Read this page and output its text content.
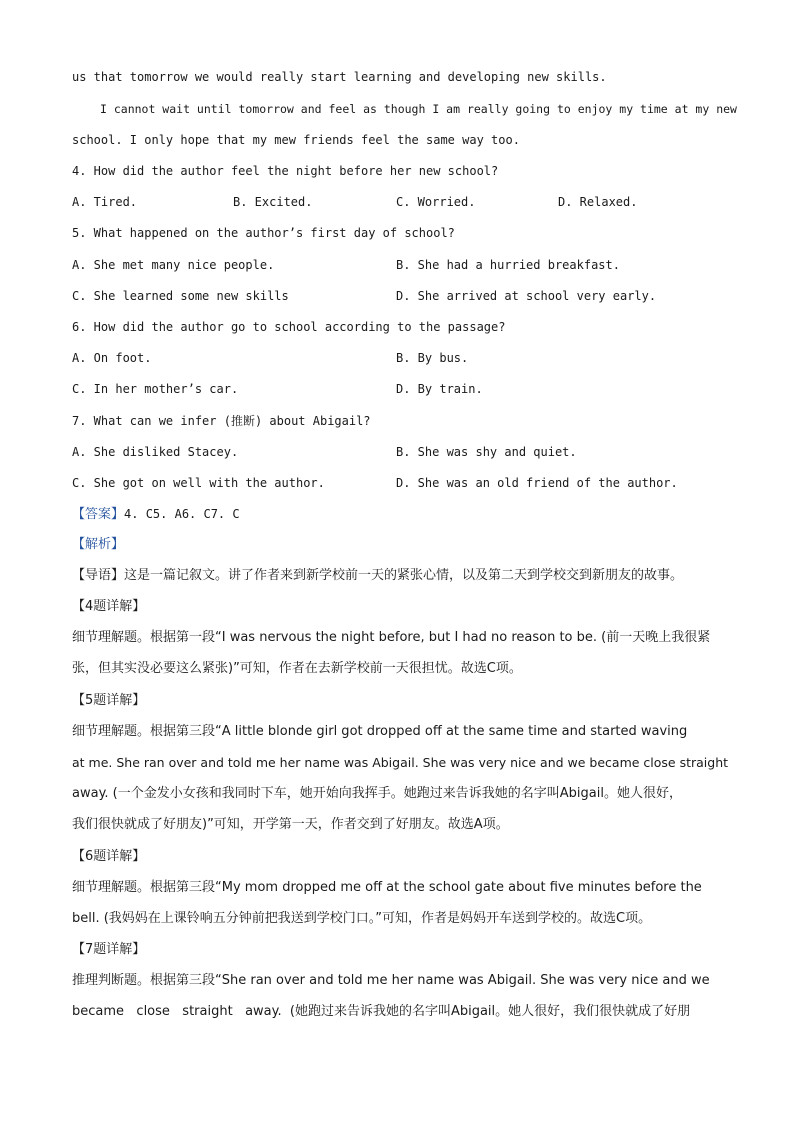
us that tomorrow we would really start learning and developing new skills.
I cannot wait until tomorrow and feel as though I am really going to enjoy my time at my new
school. I only hope that my mew friends feel the same way too.
4. How did the author feel the night before her new school?
A. Tired.	B. Excited.	C. Worried.	D. Relaxed.
5. What happened on the author’s first day of school?
A. She met many nice people.	B. She had a hurried breakfast.
C. She learned some new skills	D. She arrived at school very early.
6. How did the author go to school according to the passage?
A. On foot.	B. By bus.
C. In her mother’s car.	D. By train.
7. What can we infer (推断) about Abigail?
A. She disliked Stacey.	B. She was shy and quiet.
C. She got on well with the author.	D. She was an old friend of the author.
【答案】4. C5. A6. C7. C
【解析】
【导语】这是一篇记叙文。讲了作者来到新学校前一天的紧张心情，以及第二天到学校交到新朋友的故事。
【4题详解】
细节理解题。根据第一段“I was nervous the night before, but I had no reason to be. (前一天晚上我很紧
张，但其实没必要这么紧张)”可知，作者在去新学校前一天很担忧。故选C项。
【5题详解】
细节理解题。根据第三段“A little blonde girl got dropped off at the same time and started waving
at me. She ran over and told me her name was Abigail. She was very nice and we became close straight
away. (一个金发小女孩和我同时下车，她开始向我挥手。她跑过来告诉我她的名字叫Abigail。她人很好，
我们很快就成了好朋友)”可知，开学第一天，作者交到了好朋友。故选A项。
【6题详解】
细节理解题。根据第三段“My mom dropped me off at the school gate about five minutes before the
bell. (我妈妈在上课铃响五分钟前把我送到学校门口。”可知，作者是妈妈开车送到学校的。故选C项。
【7题详解】
推理判断题。根据第三段“She ran over and told me her name was Abigail. She was very nice and we
became   close   straight   away.  (她跑过来告诉我她的名字叫Abigail。她人很好，我们很快就成了好朋
